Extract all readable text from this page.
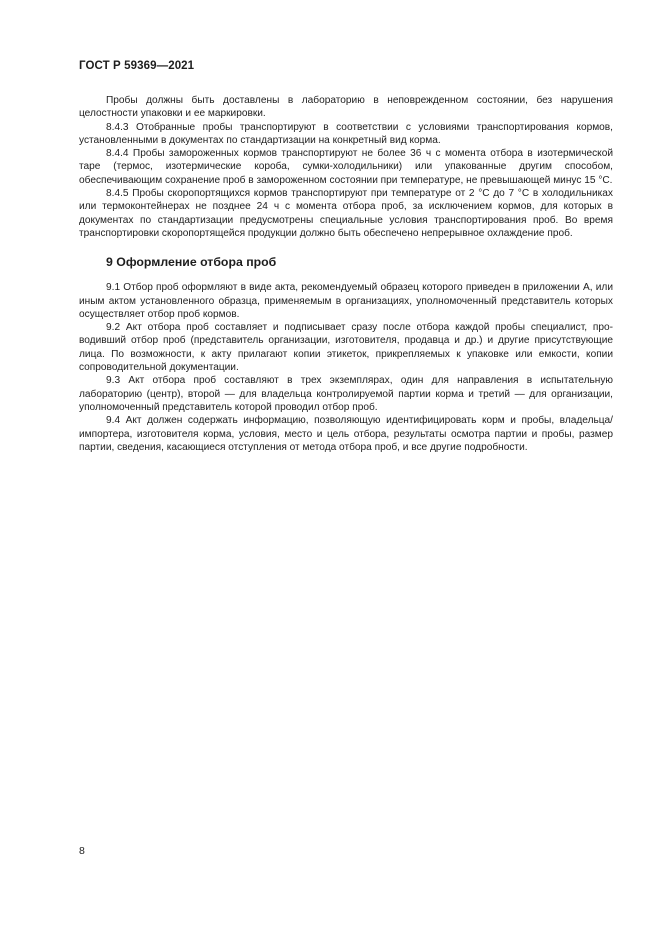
ГОСТ Р 59369—2021

Пробы должны быть доставлены в лабораторию в неповрежденном состоянии, без нарушения целостности упаковки и ее маркировки.

8.4.3 Отобранные пробы транспортируют в соответствии с условиями транспортирования кормов, установленными в документах по стандартизации на конкретный вид корма.

8.4.4 Пробы замороженных кормов транспортируют не более 36 ч с момента отбора в изотермической таре (термос, изотермические короба, сумки-холодильники) или упакованные другим способом, обеспечивающим сохранение проб в замороженном состоянии при температуре, не превышающей минус 15 °С.

8.4.5 Пробы скоропортящихся кормов транспортируют при температуре от 2 °С до 7 °С в холодильниках или термоконтейнерах не позднее 24 ч с момента отбора проб, за исключением кормов, для которых в документах по стандартизации предусмотрены специальные условия транспортирования проб. Во время транспортировки скоропортящейся продукции должно быть обеспечено непрерывное охлаждение проб.

9 Оформление отбора проб

9.1 Отбор проб оформляют в виде акта, рекомендуемый образец которого приведен в приложении А, или иным актом установленного образца, применяемым в организациях, уполномоченный представитель которых осуществляет отбор проб кормов.

9.2 Акт отбора проб составляет и подписывает сразу после отбора каждой пробы специалист, проводивший отбор проб (представитель организации, изготовителя, продавца и др.) и другие присутствующие лица. По возможности, к акту прилагают копии этикеток, прикрепляемых к упаковке или емкости, копии сопроводительной документации.

9.3 Акт отбора проб составляют в трех экземплярах, один для направления в испытательную лабораторию (центр), второй — для владельца контролируемой партии корма и третий — для организации, уполномоченный представитель которой проводил отбор проб.

9.4 Акт должен содержать информацию, позволяющую идентифицировать корм и пробы, владельца/импортера, изготовителя корма, условия, место и цель отбора, результаты осмотра партии и пробы, размер партии, сведения, касающиеся отступления от метода отбора проб, и все другие подробности.

8
